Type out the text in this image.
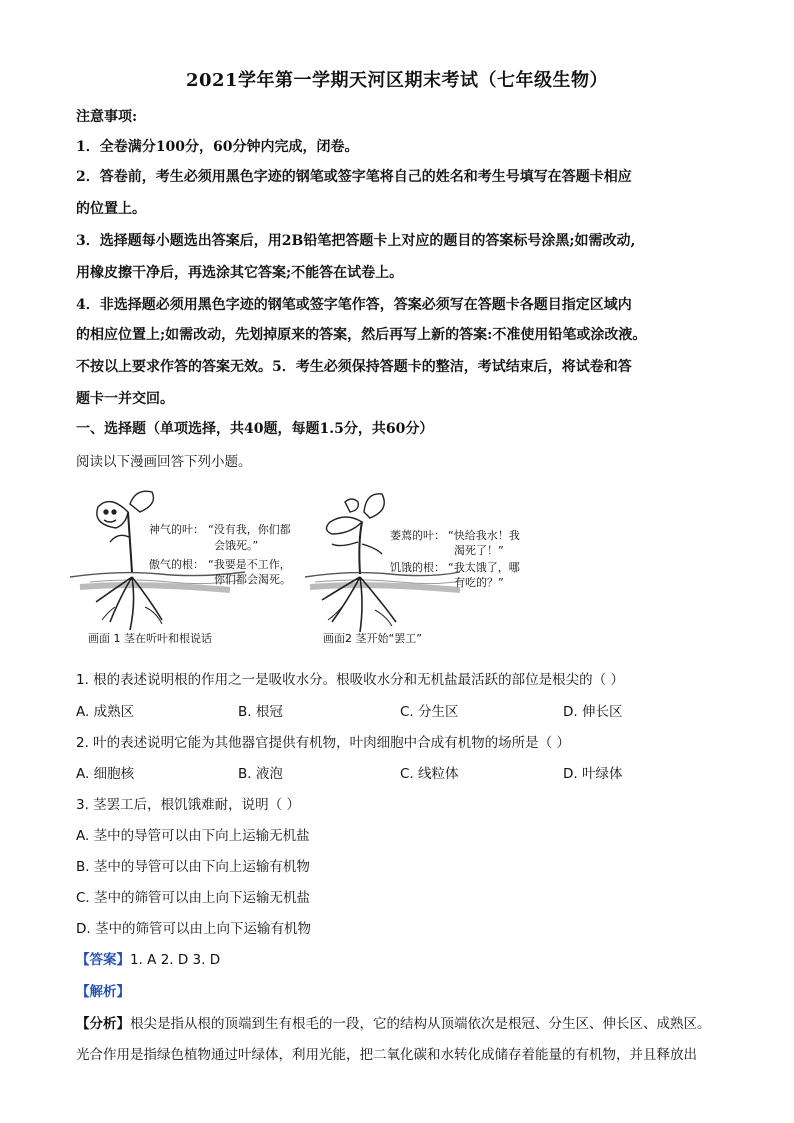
2021学年第一学期天河区期末考试（七年级生物）
注意事项:
1．全卷满分100分，60分钟内完成，闭卷。
2．答卷前，考生必须用黑色字迹的钢笔或签字笔将自己的姓名和考生号填写在答题卡相应
的位置上。
3．选择题每小题选出答案后，用2B铅笔把答题卡上对应的题目的答案标号涂黑;如需改动,
用橡皮擦干净后，再选涂其它答案;不能答在试卷上。
4．非选择题必须用黑色字迹的钢笔或签字笔作答，答案必须写在答题卡各题目指定区域内
的相应位置上;如需改动，先划掉原来的答案，然后再写上新的答案:不准使用铅笔或涂改液。
不按以上要求作答的答案无效。5．考生必须保持答题卡的整洁，考试结束后，将试卷和答
题卡一并交回。
一、选择题（单项选择，共40题，每题1.5分，共60分）
阅读以下漫画回答下列小题。
神气的叶： “没有我，你们都
会饿死。”
傲气的根： “我要是不工作，
你们都会渴死。
画面 1 茎在听叶和根说话
萎蔫的叶： “快给我水！我
渴死了！”
饥饿的根： “我太饿了，哪
有吃的？”
画面2 茎开始“罢工”
1. 根的表述说明根的作用之一是吸收水分。根吸收水分和无机盐最活跃的部位是根尖的（ ）
A. 成熟区	B. 根冠	C. 分生区	D. 伸长区
2. 叶的表述说明它能为其他器官提供有机物，叶肉细胞中合成有机物的场所是（ ）
A. 细胞核	B. 液泡	C. 线粒体	D. 叶绿体
3. 茎罢工后，根饥饿难耐，说明（ ）
A. 茎中的导管可以由下向上运输无机盐
B. 茎中的导管可以由下向上运输有机物
C. 茎中的筛管可以由上向下运输无机盐
D. 茎中的筛管可以由上向下运输有机物
【答案】1. A 2. D 3. D
【解析】
【分析】根尖是指从根的顶端到生有根毛的一段，它的结构从顶端依次是根冠、分生区、伸长区、成熟区。
光合作用是指绿色植物通过叶绿体，利用光能，把二氧化碳和水转化成储存着能量的有机物，并且释放出
